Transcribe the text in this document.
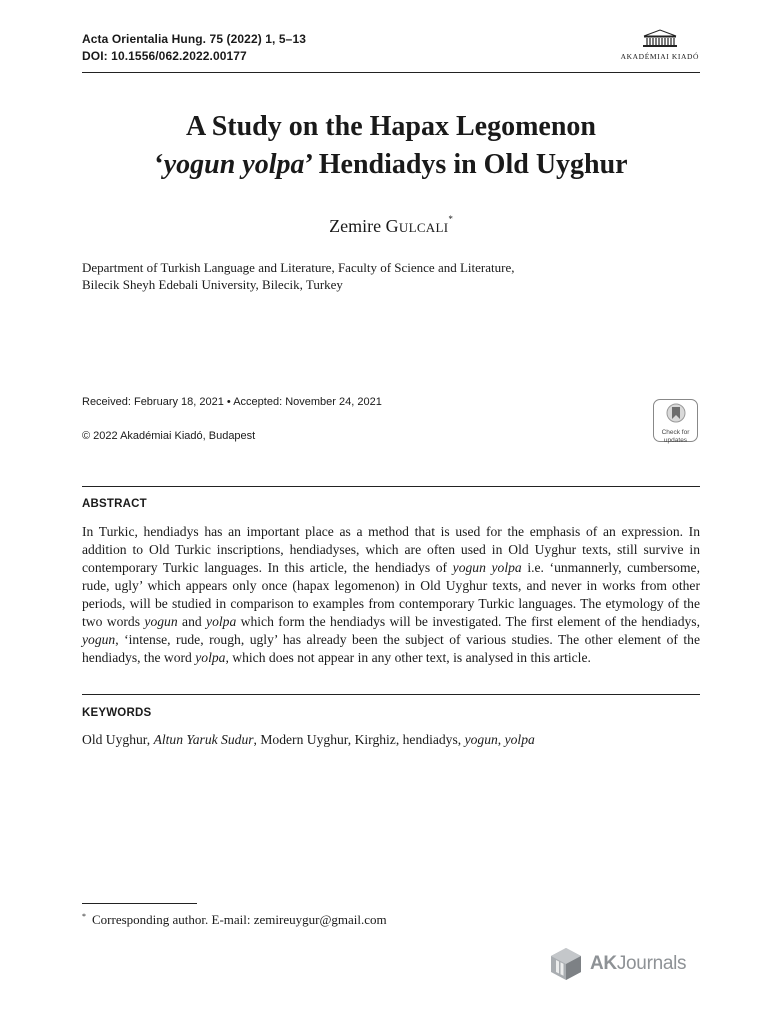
Acta Orientalia Hung. 75 (2022) 1, 5–13
DOI: 10.1556/062.2022.00177	AKADÉMIAI KIADÓ
A Study on the Hapax Legomenon
‘yogun yolpa’ Hendiadys in Old Uyghur
Zemire Gulcali*
Department of Turkish Language and Literature, Faculty of Science and Literature,
Bilecik Sheyh Edebali University, Bilecik, Turkey
Received: February 18, 2021 • Accepted: November 24, 2021
© 2022 Akadémiai Kiadó, Budapest	Check for
updates
ABSTRACT
In Turkic, hendiadys has an important place as a method that is used for the emphasis of an expression. In addition to Old Turkic inscriptions, hendiadyses, which are often used in Old Uyghur texts, still survive in contemporary Turkic languages. In this article, the hendiadys of yogun yolpa i.e. ‘unmannerly, cumbersome, rude, ugly’ which appears only once (hapax legomenon) in Old Uyghur texts, and never in works from other periods, will be studied in comparison to examples from contemporary Turkic languages. The etymology of the two words yogun and yolpa which form the hendiadys will be investigated. The first element of the hendiadys, yogun, ‘intense, rude, rough, ugly’ has already been the subject of various studies. The other element of the hendiadys, the word yolpa, which does not appear in any other text, is analysed in this article.
KEYWORDS
Old Uyghur, Altun Yaruk Sudur, Modern Uyghur, Kirghiz, hendiadys, yogun, yolpa
* Corresponding author. E-mail: zemireuygur@gmail.com
AKJournals
